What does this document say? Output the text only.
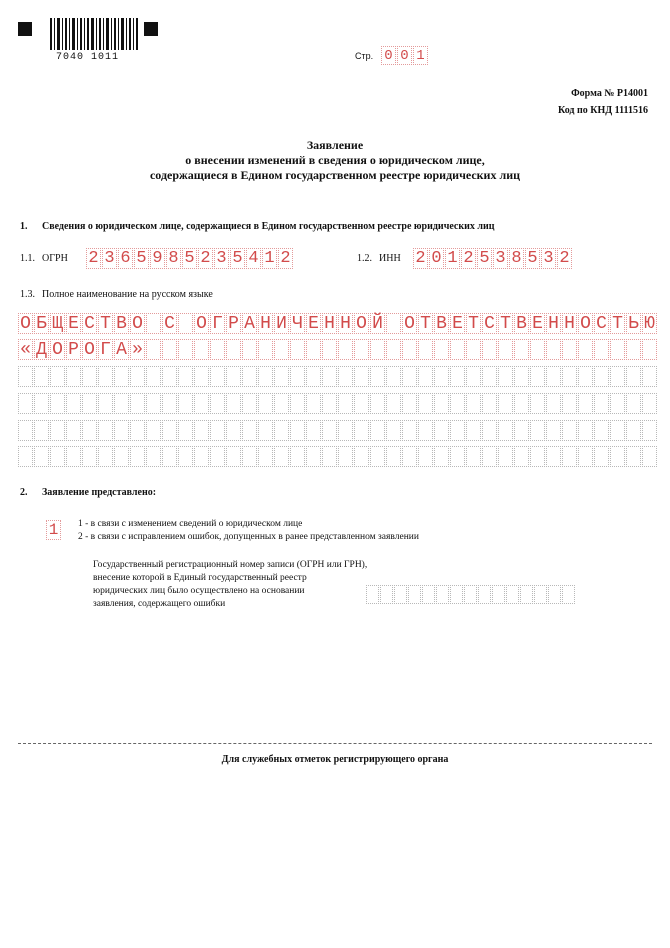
7040 1011	Стр. 0 0 1
Форма № Р14001
Код по КНД 1111516
Заявление
о внесении изменений в сведения о юридическом лице,
содержащиеся в Едином государственном реестре юридических лиц
1. Сведения о юридическом лице, содержащиеся в Едином государственном реестре юридических лиц
1.1. ОГРН 2 3 6 5 9 8 5 2 3 5 4 1 2	1.2. ИНН 2 0 1 2 5 3 8 5 3 2
1.3. Полное наименование на русском языке
О Б Щ Е С Т В О С О Г Р А Н И Ч Е Н Н О Й О Т В Е Т С Т В Е Н Н О С Т Ь Ю
« Д О Р О Г А »
2. Заявление представлено:
1 1 - в связи с изменением сведений о юридическом лице
2 - в связи с исправлением ошибок, допущенных в ранее представленном заявлении
Государственный регистрационный номер записи (ОГРН или ГРН),
внесение которой в Единый государственный реестр
юридических лиц было осуществлено на основании
заявления, содержащего ошибки
Для служебных отметок регистрирующего органа
